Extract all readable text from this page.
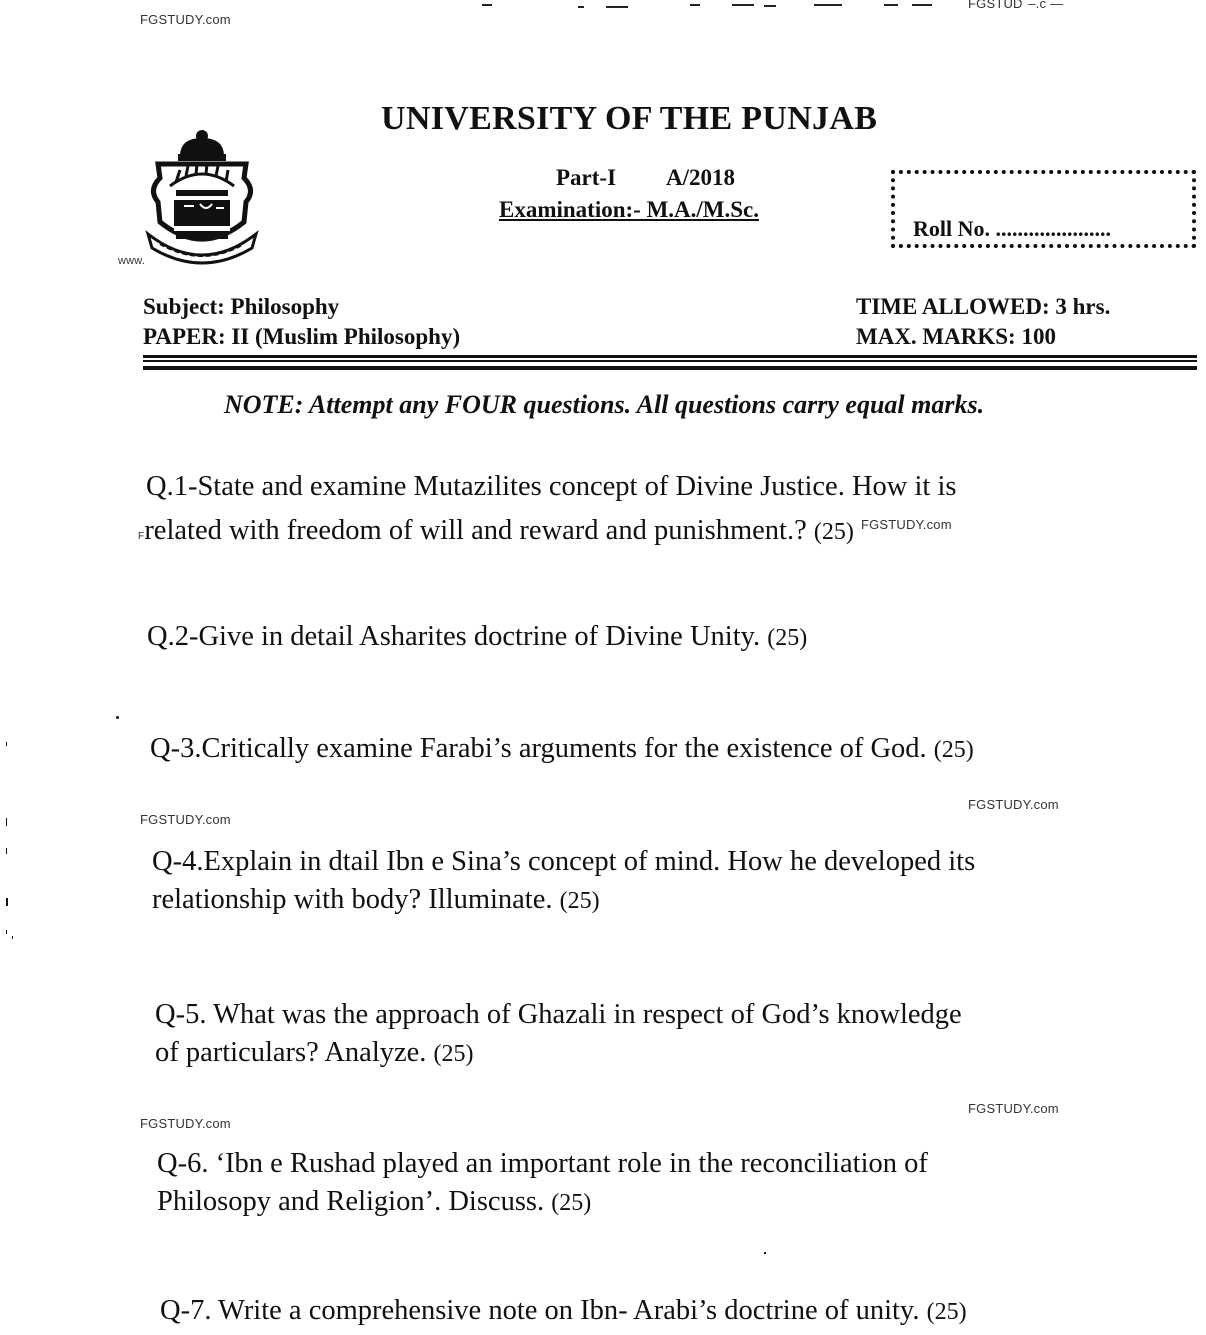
FGSTUDY.com
FGSTUD  –.c —
www.
UNIVERSITY OF THE PUNJAB
Part-I A/2018
Examination:- M.A./M.Sc.
Roll No. .....................
Subject: Philosophy
PAPER: II (Muslim Philosophy)
TIME ALLOWED: 3 hrs.
MAX. MARKS: 100
NOTE: Attempt any FOUR questions. All questions carry equal marks.
Q.1-State and examine Mutazilites concept of Divine Justice. How it is
Frelated with freedom of will and reward and punishment.? (25) $^{FGSTUDY.com}$
Q.2-Give in detail Asharites doctrine of Divine Unity. (25)
Q-3.Critically examine Farabi’s arguments for the existence of God. (25)
FGSTUDY.com
FGSTUDY.com
Q-4.Explain in dtail Ibn e Sina’s concept of mind. How he developed its
relationship with body? Illuminate. (25)
Q-5. What was the approach of Ghazali in respect of God’s knowledge
of particulars? Analyze. (25)
FGSTUDY.com
FGSTUDY.com
Q-6. ‘Ibn e Rushad played an important role in the reconciliation of
Philosopy and Religion’. Discuss. (25)
Q-7. Write a comprehensive note on Ibn- Arabi’s doctrine of unity. (25)
